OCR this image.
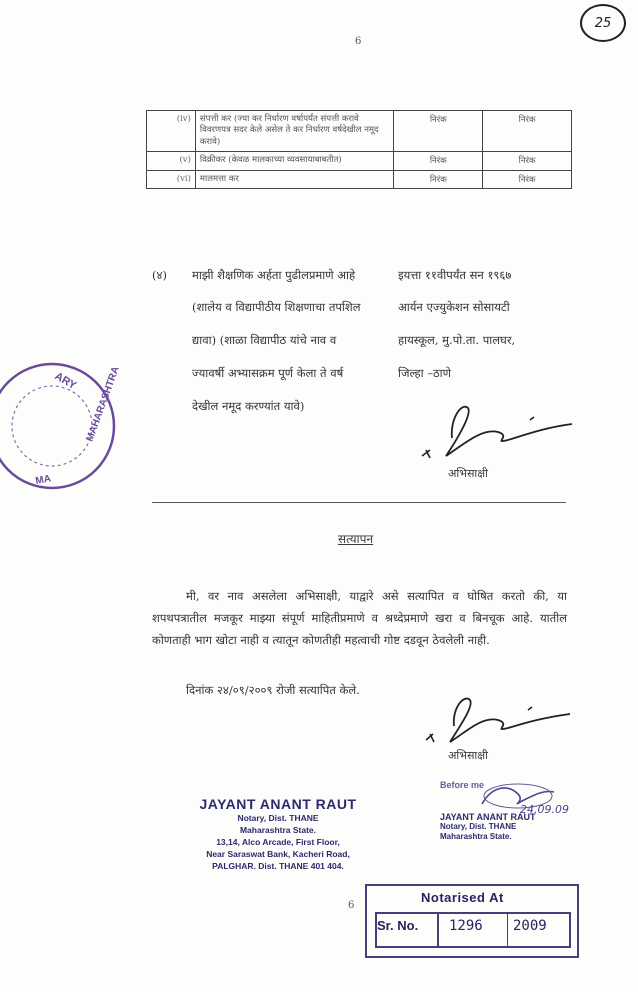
6
25
(iv)	संपत्ती कर (ज्या कर निर्धारण वर्षापर्यंत संपत्ती करावे विवरणपत्र सदर केले असेल ते कर निर्धारण वर्षदेखील नमूद करावे)	निरंक	निरंक
(v)	विक्रीकर (केवळ मालकाच्या व्यवसायाबाबतीत)	निरंक	निरंक
(vi)	मालमत्ता कर	निरंक	निरंक
(४) माझी शैक्षणिक अर्हता पुढीलप्रमाणे आहे
(शालेय व विद्यापीठीय शिक्षणाचा तपशिल
द्यावा) (शाळा विद्यापीठ यांचे नाव व
ज्यावर्षी अभ्यासक्रम पूर्ण केला ते वर्ष
देखील नमूद करण्यांत यावे)
इयत्ता ११वीपर्यंत सन १९६७
आर्यन एज्युकेशन सोसायटी
हायस्कूल, मु.पो.ता. पालघर,
जिल्हा –ठाणे
अभिसाक्षी
सत्यापन
मी, वर नाव असलेला अभिसाक्षी, याद्वारे असे सत्यापित व घोषित करतो की, या शपथपत्रातील मजकूर माझ्या संपूर्ण माहितीप्रमाणे व श्रध्देप्रमाणे खरा व बिनचूक आहे. यातील कोणताही भाग खोटा नाही व त्यातून कोणतीही महत्वाची गोष्ट दडवून ठेवलेली नाही.
दिनांक २४/०९/२००९ रोजी सत्यापित केले.
अभिसाक्षी
JAYANT ANANT RAUT
Notary, Dist. THANE
Maharashtra State.
13,14, Alco Arcade, First Floor,
Near Saraswat Bank, Kacheri Road,
PALGHAR. Dist. THANE 401 404.
Before me
JAYANT ANANT RAUT
Notary, Dist. THANE
Maharashtra State.
24.09.09
6
Notarised At
Sr. No. 1296 2009
ARY MAHARASHTRA
MA
